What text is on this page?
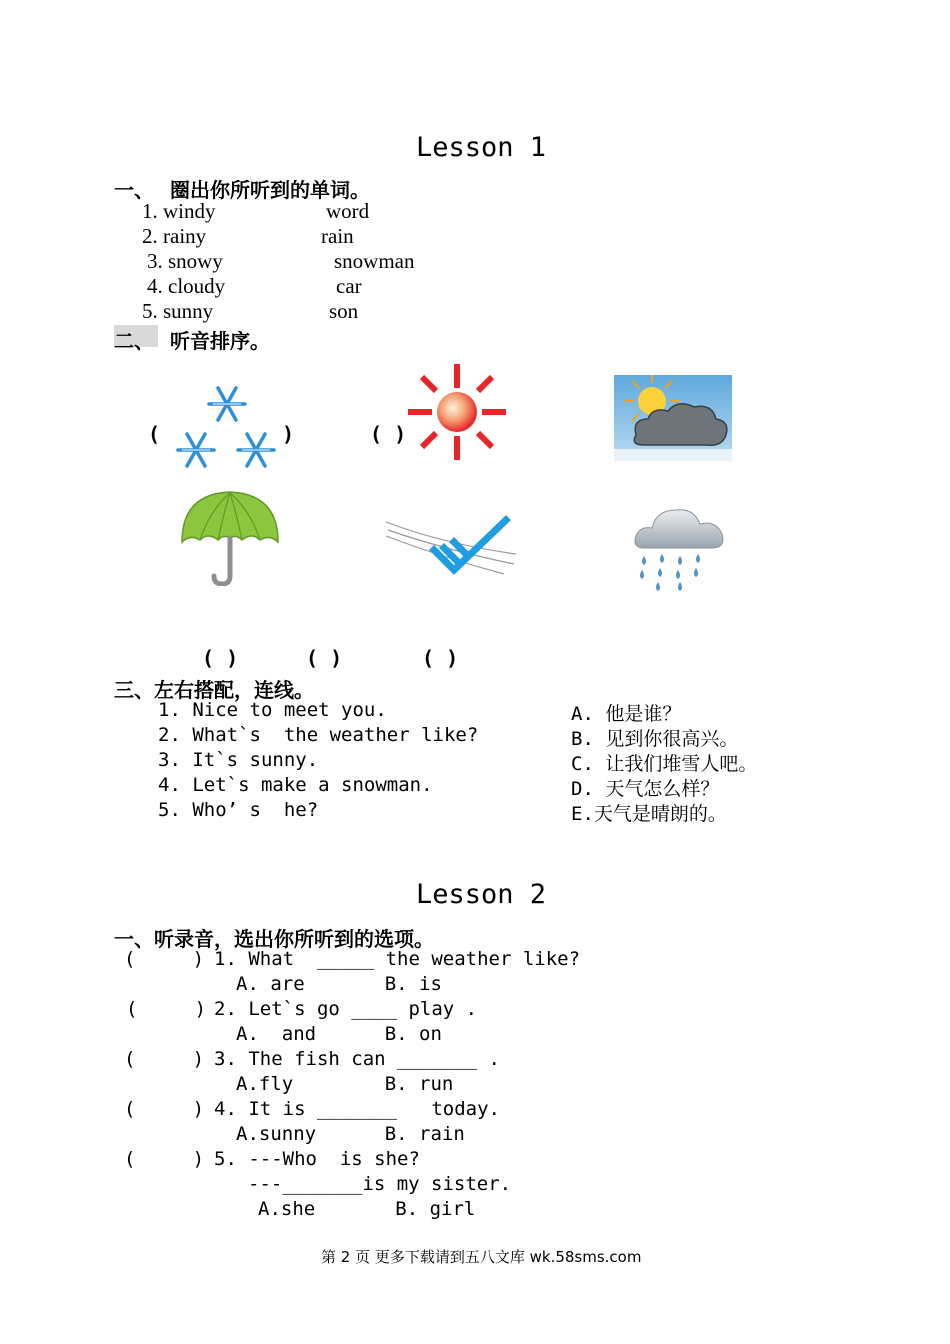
Lesson 1
一、 圈出你所听到的单词。
1. windy	word
2. rainy	rain
3. snowy	snowman
4. cloudy	car
5. sunny	son
二、 听音排序。
(	)	( )
( )	( )	( )
三、左右搭配，连线。
1. Nice to meet you.
2. What`s  the weather like?
3. It`s sunny.
4. Let`s make a snowman.
5. Who’ s  he?
A. 他是谁？
B. 见到你很高兴。
C. 让我们堆雪人吧。
D. 天气怎么样？
E.天气是晴朗的。
Lesson 2
一、听录音，选出你所听到的选项。
(     ) 1. What  _____ the weather like?
A. are       B. is
(     ) 2. Let`s go ____ play .
A.  and      B. on
(     ) 3. The fish can _______ .
A.fly        B. run
(     ) 4. It is _______   today.
A.sunny      B. rain
(     ) 5. ---Who  is she?
---_______is my sister.
A.she       B. girl
第 2 页 更多下载请到五八文库 wk.58sms.com
